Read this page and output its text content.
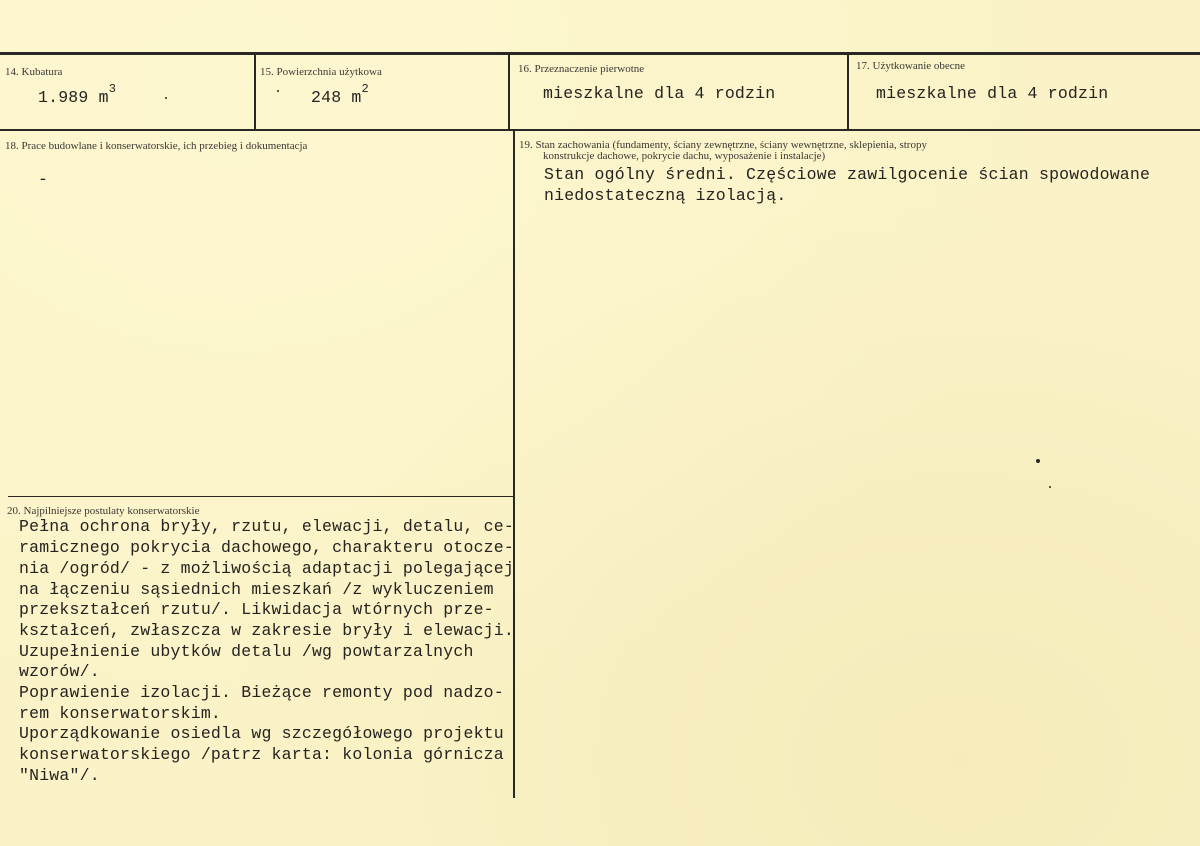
14. Kubatura
1.989 $m^3$
15. Powierzchnia użytkowa
248 $m^2$
16. Przeznaczenie pierwotne
mieszkalne dla 4 rodzin
17. Użytkowanie obecne
mieszkalne dla 4 rodzin
18. Prace budowlane i konserwatorskie, ich przebieg i dokumentacja
-
19. Stan zachowania (fundamenty, ściany zewnętrzne, ściany wewnętrzne, sklepienia, stropy
konstrukcje dachowe, pokrycie dachu, wyposażenie i instalacje)
Stan ogólny średni. Częściowe zawilgocenie ścian spowodowane
niedostateczną izolacją.
20. Najpilniejsze postulaty konserwatorskie
Pełna ochrona bryły, rzutu, elewacji, detalu, ce-
ramicznego pokrycia dachowego, charakteru otocze-
nia /ogród/ - z możliwością adaptacji polegającej
na łączeniu sąsiednich mieszkań /z wykluczeniem
przekształceń rzutu/. Likwidacja wtórnych prze-
kształceń, zwłaszcza w zakresie bryły i elewacji.
Uzupełnienie ubytków detalu /wg powtarzalnych
wzorów/.
Poprawienie izolacji. Bieżące remonty pod nadzo-
rem konserwatorskim.
Uporządkowanie osiedla wg szczegółowego projektu
konserwatorskiego /patrz karta: kolonia górnicza
"Niwa"/.
